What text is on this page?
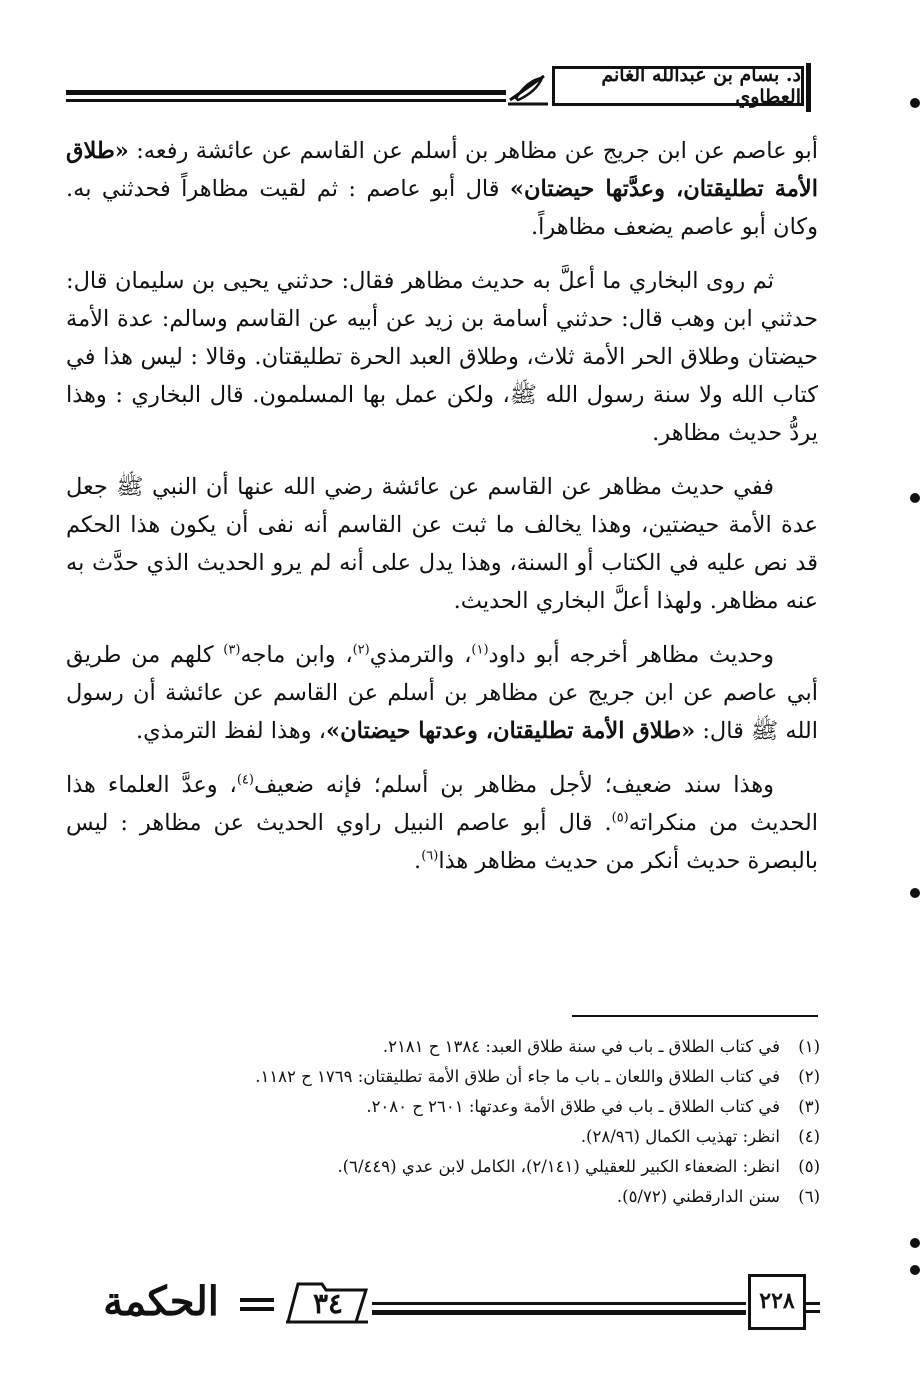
د. بسام بن عبدالله الغانم العطاوي

أبو عاصم عن ابن جريج عن مظاهر بن أسلم عن القاسم عن عائشة رفعه: «طلاق الأمة تطليقتان، وعدَّتها حيضتان» قال أبو عاصم : ثم لقيت مظاهراً فحدثني به. وكان أبو عاصم يضعف مظاهراً.

ثم روى البخاري ما أعلَّ به حديث مظاهر فقال: حدثني يحيى بن سليمان قال: حدثني ابن وهب قال: حدثني أسامة بن زيد عن أبيه عن القاسم وسالم: عدة الأمة حيضتان وطلاق الحر الأمة ثلاث، وطلاق العبد الحرة تطليقتان. وقالا : ليس هذا في كتاب الله ولا سنة رسول الله ﷺ، ولكن عمل بها المسلمون. قال البخاري : وهذا يردُّ حديث مظاهر.

ففي حديث مظاهر عن القاسم عن عائشة رضي الله عنها أن النبي ﷺ جعل عدة الأمة حيضتين، وهذا يخالف ما ثبت عن القاسم أنه نفى أن يكون هذا الحكم قد نص عليه في الكتاب أو السنة، وهذا يدل على أنه لم يرو الحديث الذي حدَّث به عنه مظاهر. ولهذا أعلَّ البخاري الحديث.

وحديث مظاهر أخرجه أبو داود$^{(١)}$، والترمذي$^{(٢)}$، وابن ماجه$^{(٣)}$ كلهم من طريق أبي عاصم عن ابن جريج عن مظاهر بن أسلم عن القاسم عن عائشة أن رسول الله ﷺ قال: «طلاق الأمة تطليقتان، وعدتها حيضتان»، وهذا لفظ الترمذي.

وهذا سند ضعيف؛ لأجل مظاهر بن أسلم؛ فإنه ضعيف$^{(٤)}$، وعدَّ العلماء هذا الحديث من منكراته$^{(٥)}$. قال أبو عاصم النبيل راوي الحديث عن مظاهر : ليس بالبصرة حديث أنكر من حديث مظاهر هذا$^{(٦)}$.

(١)
في كتاب الطلاق ـ باب في سنة طلاق العبد: ١٣٨٤ ح ٢١٨١.
(٢)
في كتاب الطلاق واللعان ـ باب ما جاء أن طلاق الأمة تطليقتان: ١٧٦٩ ح ١١٨٢.
(٣)
في كتاب الطلاق ـ باب في طلاق الأمة وعدتها: ٢٦٠١ ح ٢٠٨٠.
(٤)
انظر: تهذيب الكمال (٢٨/٩٦).
(٥)
انظر: الضعفاء الكبير للعقيلي (٢/١٤١)، الكامل لابن عدي (٦/٤٤٩).
(٦)
سنن الدارقطني (٥/٧٢).
الحكمة	٣٤	٢٢٨
